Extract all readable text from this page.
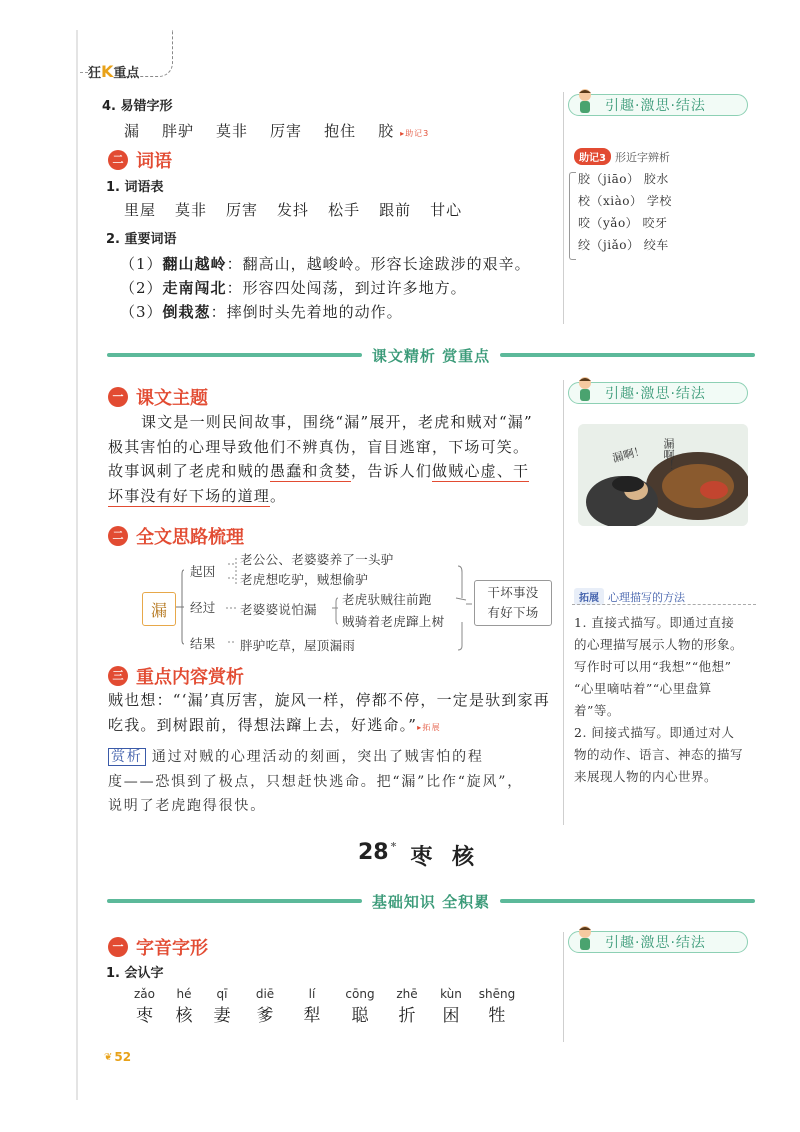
狂K重点
4. 易错字形
漏 胖驴 莫非 厉害 抱住 胶 ▸助记3
二 词语
1. 词语表
里屋 莫非 厉害 发抖 松手 跟前 甘心
2. 重要词语
（1）翻山越岭：翻高山，越峻岭。形容长途跋涉的艰辛。
（2）走南闯北：形容四处闯荡，到过许多地方。
（3）倒栽葱：摔倒时头先着地的动作。
引趣·激思·结法
助记3 形近字辨析
胶（jiāo） 胶水
校（xiào） 学校
咬（yǎo） 咬牙
绞（jiǎo） 绞车
课文精析 赏重点
一 课文主题
课文是一则民间故事，围绕“漏”展开，老虎和贼对“漏”
极其害怕的心理导致他们不辨真伪，盲目逃窜，下场可笑。
故事讽刺了老虎和贼的愚蠢和贪婪，告诉人们做贼心虚、干
坏事没有好下场的道理。
引趣·激思·结法
漏啊！ 漏啊！
二 全文思路梳理
漏
起因
老公公、老婆婆养了一头驴
老虎想吃驴，贼想偷驴
经过 老婆婆说怕漏
老虎驮贼往前跑
贼骑着老虎蹿上树
结果 胖驴吃草，屋顶漏雨
干坏事没
有好下场
拓展 心理描写的方法
1. 直接式描写。即通过直接
的心理描写展示人物的形象。
写作时可以用“我想”“他想”
“心里嘀咕着”“心里盘算
着”等。
2. 间接式描写。即通过对人
物的动作、语言、神态的描写
来展现人物的内心世界。
三 重点内容赏析
贼也想：“‘漏’真厉害，旋风一样，停都不停，一定是驮到家再
吃我。到树跟前，得想法蹿上去，好逃命。”▸拓展
赏析 通过对贼的心理活动的刻画，突出了贼害怕的程
度——恐惧到了极点，只想赶快逃命。把“漏”比作“旋风”，
说明了老虎跑得很快。
28 * 枣 核
基础知识 全积累
一 字音字形
1. 会认字
zǎo
枣
hé
核
qī
妻
diē
爹
lí
犁
cōng
聪
zhē
折
kùn
困
shēng
牲
引趣·激思·结法
❦ 52
